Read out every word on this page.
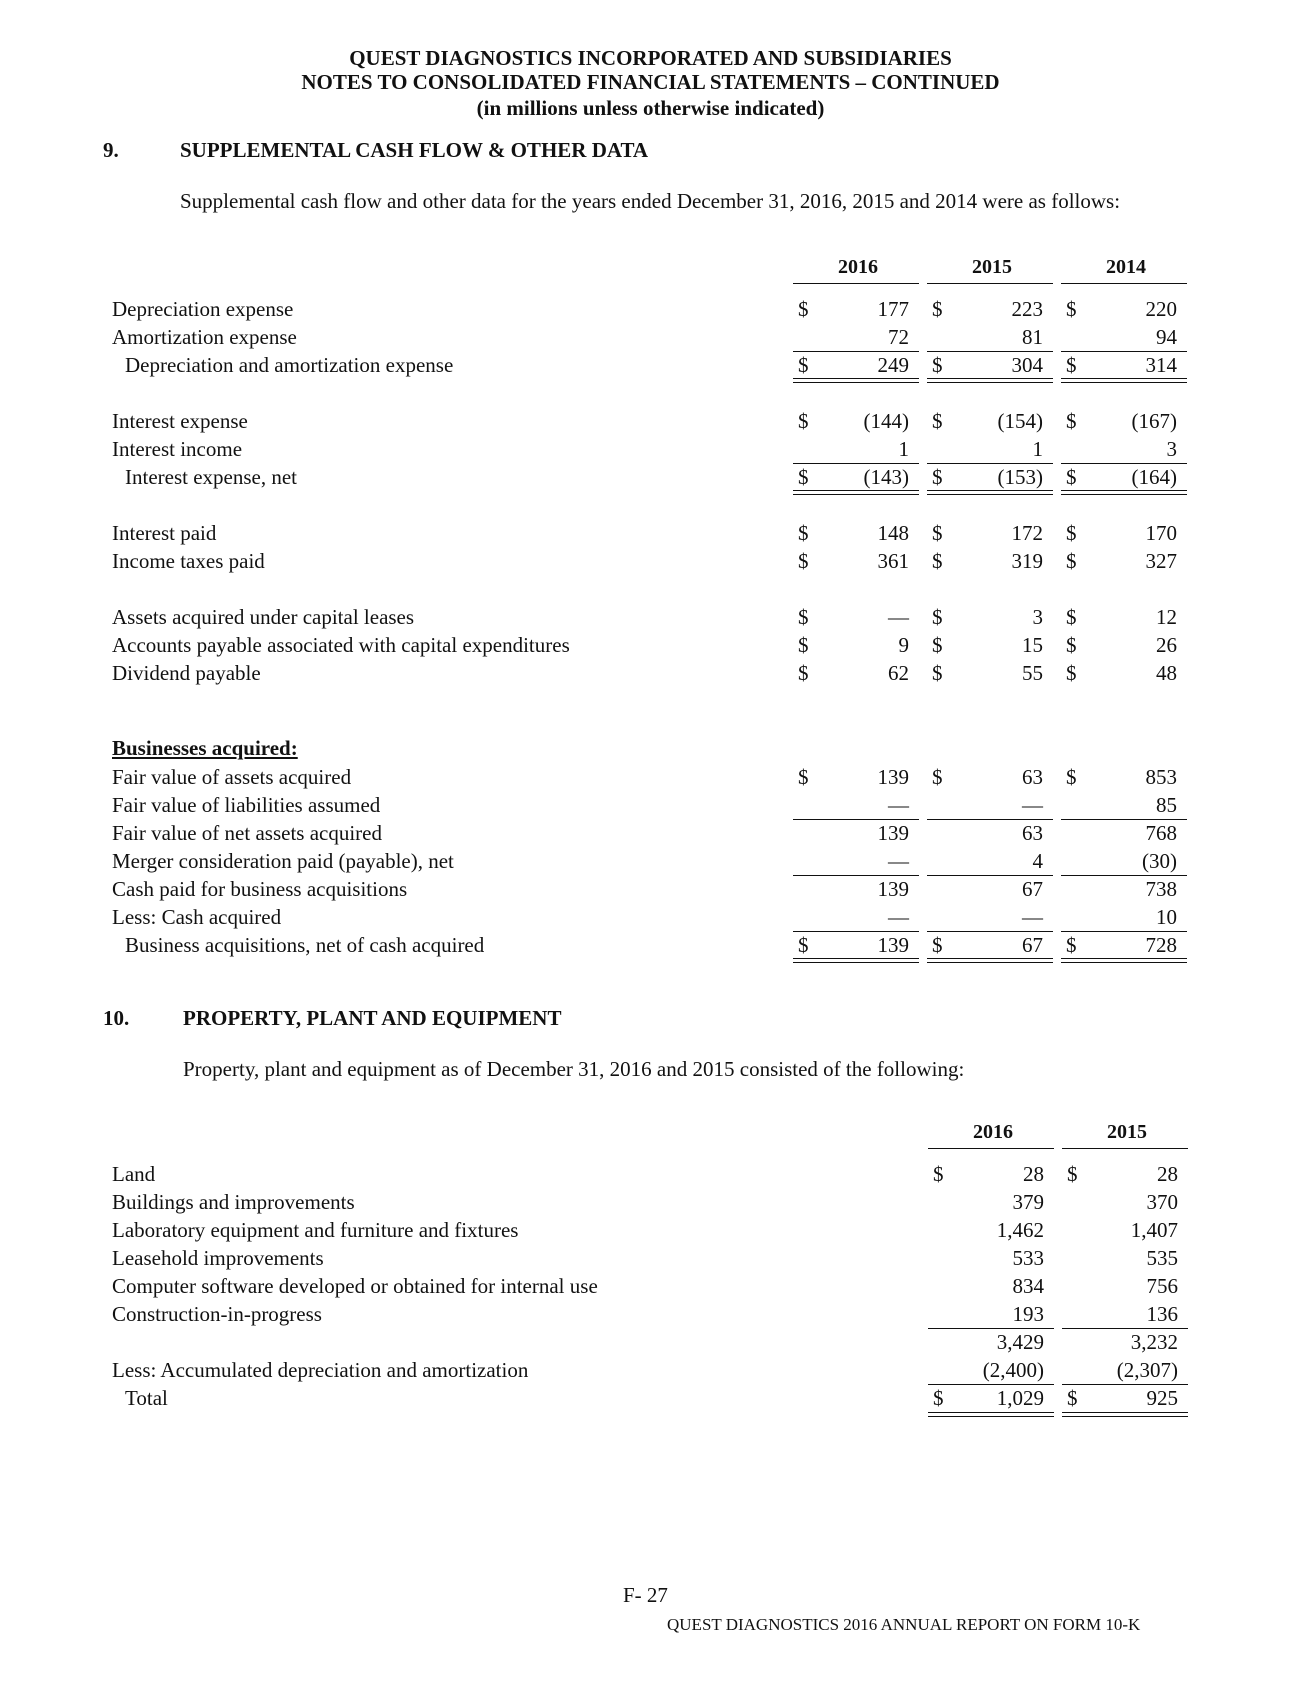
QUEST DIAGNOSTICS INCORPORATED AND SUBSIDIARIES
NOTES TO CONSOLIDATED FINANCIAL STATEMENTS – CONTINUED
(in millions unless otherwise indicated)
9.	SUPPLEMENTAL CASH FLOW & OTHER DATA
Supplemental cash flow and other data for the years ended December 31, 2016, 2015 and 2014 were as follows:
2016	2015	2014
Depreciation expense	$	177 $	223 $	220
Amortization expense	72	81	94
Depreciation and amortization expense	$	249 $	304 $	314
Interest expense	$	(144) $	(154) $	(167)
Interest income	1	1	3
Interest expense, net	$	(143) $	(153) $	(164)
Interest paid	$	148 $	172 $	170
Income taxes paid	$	361 $	319 $	327
Assets acquired under capital leases	$	— $	3 $	12
Accounts payable associated with capital expenditures	$	9 $	15 $	26
Dividend payable	$	62 $	55 $	48
Businesses acquired:
Fair value of assets acquired	$	139 $	63 $	853
Fair value of liabilities assumed	—	—	85
Fair value of net assets acquired	139	63	768
Merger consideration paid (payable), net	—	4	(30)
Cash paid for business acquisitions	139	67	738
Less: Cash acquired	—	—	10
Business acquisitions, net of cash acquired	$	139 $	67 $	728
10.	PROPERTY, PLANT AND EQUIPMENT
Property, plant and equipment as of December 31, 2016 and 2015 consisted of the following:
2016	2015
Land	$	28 $	28
Buildings and improvements	379	370
Laboratory equipment and furniture and fixtures	1,462	1,407
Leasehold improvements	533	535
Computer software developed or obtained for internal use	834	756
Construction-in-progress	193	136
3,429	3,232
Less: Accumulated depreciation and amortization	(2,400)	(2,307)
Total	$	1,029 $	925
F- 27
QUEST DIAGNOSTICS 2016 ANNUAL REPORT ON FORM 10-K
